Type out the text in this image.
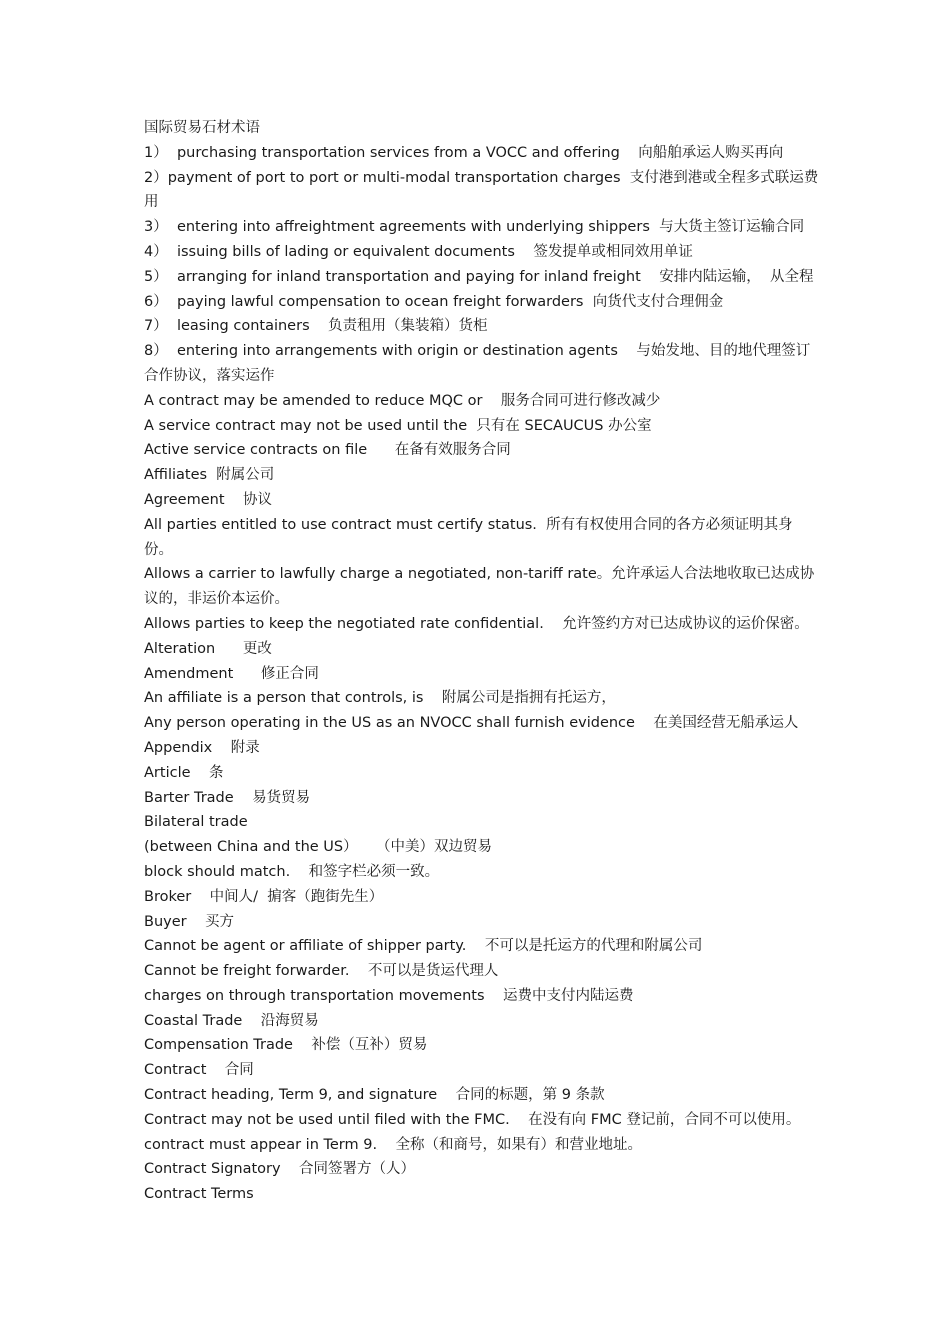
国际贸易石材术语
1）  purchasing transportation services from a VOCC and offering    向船舶承运人购买再向
2）payment of port to port or multi-modal transportation charges  支付港到港或全程多式联运费用
3）  entering into affreightment agreements with underlying shippers  与大货主签订运输合同
4）  issuing bills of lading or equivalent documents    签发提单或相同效用单证
5）  arranging for inland transportation and paying for inland freight    安排内陆运输，  从全程
6）  paying lawful compensation to ocean freight forwarders  向货代支付合理佣金
7）  leasing containers    负责租用（集装箱）货柜
8）  entering into arrangements with origin or destination agents    与始发地、目的地代理签订合作协议，落实运作
A contract may be amended to reduce MQC or    服务合同可进行修改减少
A service contract may not be used until the  只有在 SECAUCUS 办公室
Active service contracts on file      在备有效服务合同
Affiliates  附属公司
Agreement    协议
All parties entitled to use contract must certify status.  所有有权使用合同的各方必须证明其身份。
Allows a carrier to lawfully charge a negotiated, non-tariff rate。允许承运人合法地收取已达成协议的，非运价本运价。
Allows parties to keep the negotiated rate confidential.    允许签约方对已达成协议的运价保密。
Alteration      更改
Amendment      修正合同
An affiliate is a person that controls, is    附属公司是指拥有托运方，
Any person operating in the US as an NVOCC shall furnish evidence    在美国经营无船承运人
Appendix    附录
Article    条
Barter Trade    易货贸易
Bilateral trade
(between China and the US）    （中美）双边贸易
block should match.    和签字栏必须一致。
Broker    中间人/  掮客（跑街先生）
Buyer    买方
Cannot be agent or affiliate of shipper party.    不可以是托运方的代理和附属公司
Cannot be freight forwarder.    不可以是货运代理人
charges on through transportation movements    运费中支付内陆运费
Coastal Trade    沿海贸易
Compensation Trade    补偿（互补）贸易
Contract    合同
Contract heading, Term 9, and signature    合同的标题，第 9 条款
Contract may not be used until filed with the FMC.    在没有向 FMC 登记前，合同不可以使用。
contract must appear in Term 9.    全称（和商号，如果有）和营业地址。
Contract Signatory    合同签署方（人）
Contract Terms
